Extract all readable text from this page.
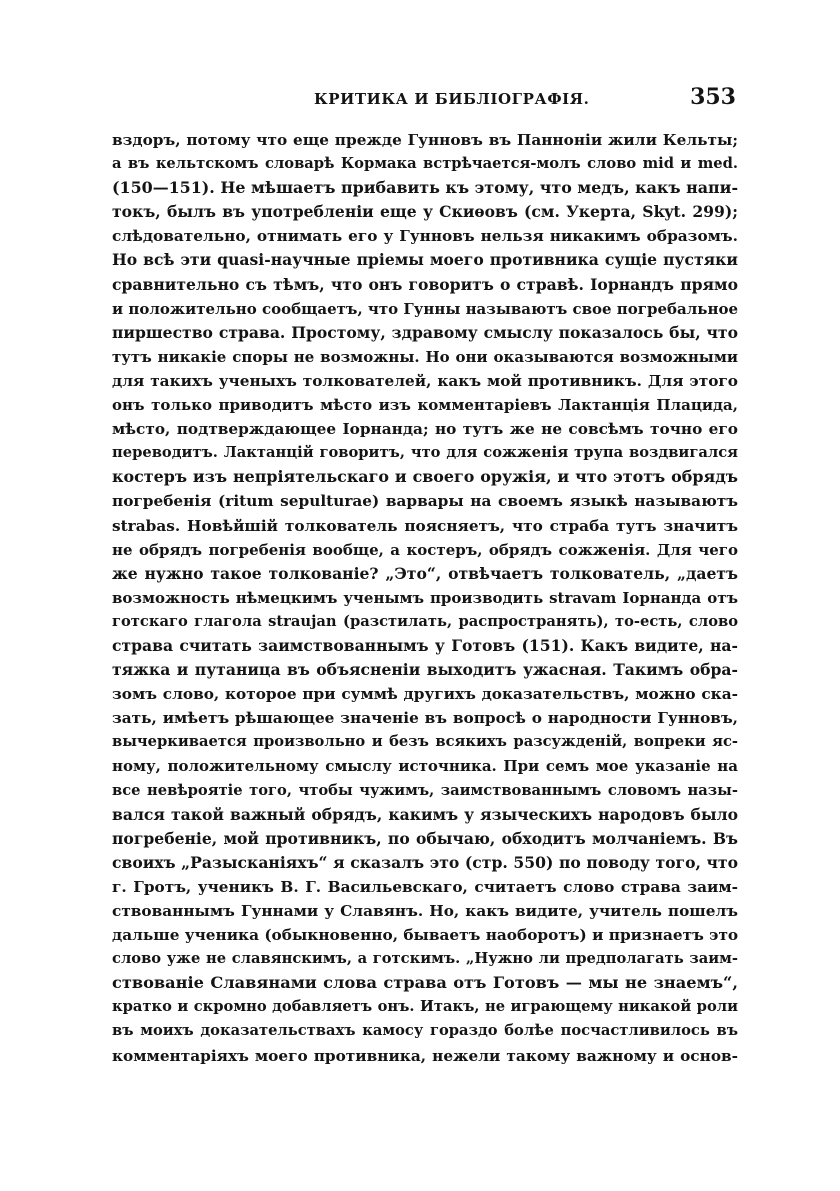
КРИТИКА И БИБЛIОГРАФIЯ.	353
вздоръ, потому что еще прежде Гунновъ въ Паннонiи жили Кельты;
а въ кельтскомъ словарѣ Кормака встрѣчается-молъ слово mid и med.
(150—151). Не мѣшаетъ прибавить къ этому, что медъ, какъ напи-
токъ, былъ въ употребленiи еще у Скиѳовъ (см. Укерта, Skyt. 299);
слѣдовательно, отнимать его у Гунновъ нельзя никакимъ образомъ.
Но всѣ эти quasi-научные прiемы моего противника сущiе пустяки
сравнительно съ тѣмъ, что онъ говоритъ о стравѣ. Iорнандъ прямо
и положительно сообщаетъ, что Гунны называютъ свое погребальное
пиршество страва. Простому, здравому смыслу показалось бы, что
тутъ никакiе споры не возможны. Но они оказываются возможными
для такихъ ученыхъ толкователей, какъ мой противникъ. Для этого
онъ только приводитъ мѣсто изъ комментарiевъ Лактанцiя Плацида,
мѣсто, подтверждающее Iорнанда; но тутъ же не совсѣмъ точно его
переводитъ. Лактанцiй говоритъ, что для сожженiя трупа воздвигался
костеръ изъ непрiятельскаго и своего оружiя, и что этотъ обрядъ
погребенiя (ritum sepulturae) варвары на своемъ языкѣ называютъ
strabas. Новѣйшiй толкователь поясняетъ, что страба тутъ значитъ
не обрядъ погребенiя вообще, а костеръ, обрядъ сожженiя. Для чего
же нужно такое толкованiе? „Это“, отвѣчаетъ толкователь, „даетъ
возможность нѣмецкимъ ученымъ производить stravam Iорнанда отъ
готскаго глагола straujan (разстилать, распространять), то-есть, слово
страва считать заимствованнымъ у Готовъ (151). Какъ видите, на-
тяжка и путаница въ объясненiи выходитъ ужасная. Такимъ обра-
зомъ слово, которое при суммѣ другихъ доказательствъ, можно ска-
зать, имѣетъ рѣшающее значенiе въ вопросѣ о народности Гунновъ,
вычеркивается произвольно и безъ всякихъ разсужденiй, вопреки яс-
ному, положительному смыслу источника. При семъ мое указанiе на
все невѣроятiе того, чтобы чужимъ, заимствованнымъ словомъ назы-
вался такой важный обрядъ, какимъ у языческихъ народовъ было
погребенiе, мой противникъ, по обычаю, обходитъ молчанiемъ. Въ
своихъ „Разысканiяхъ“ я сказалъ это (стр. 550) по поводу того, что
г. Гротъ, ученикъ В. Г. Васильевскаго, считаетъ слово страва заим-
ствованнымъ Гуннами у Славянъ. Но, какъ видите, учитель пошелъ
дальше ученика (обыкновенно, бываетъ наоборотъ) и признаетъ это
слово уже не славянскимъ, а готскимъ. „Нужно ли предполагать заим-
ствованiе Славянами слова страва отъ Готовъ — мы не знаемъ“,
кратко и скромно добавляетъ онъ. Итакъ, не играющему никакой роли
въ моихъ доказательствахъ камосу гораздо болѣе посчастливилось въ
комментарiяхъ моего противника, нежели такому важному и основ-
